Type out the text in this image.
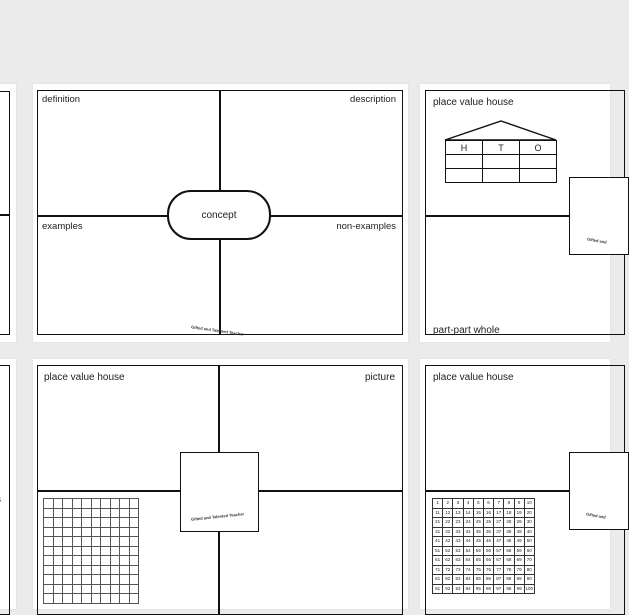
definition	description
examples	non-examples
concept
Gifted and Talented Teacher
place value house
H	T	O

Gifted and
part-part whole
place value house	picture
Gifted and Talented Teacher

place value house
Gifted and
1	2	3	4	5	6	7	8	9	10
11	12	13	14	15	16	17	18	19	20
21	22	23	24	25	26	27	28	29	30
31	32	33	34	35	36	37	38	39	40
41	42	43	44	45	46	47	48	49	50
51	52	53	54	55	56	57	58	59	60
61	62	63	64	65	66	67	68	69	70
71	72	73	74	75	76	77	78	79	80
81	82	83	84	85	86	87	88	89	90
91	92	93	94	95	96	97	98	99	100
